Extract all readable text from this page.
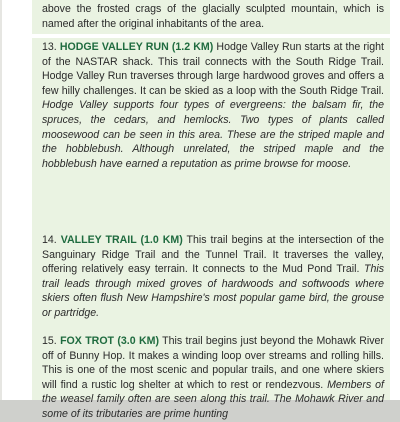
above the frosted crags of the glacially sculpted mountain, which is named after the original inhabitants of the area.

13. HODGE VALLEY RUN (1.2 KM) Hodge Valley Run starts at the right of the NASTAR shack. This trail connects with the South Ridge Trail. Hodge Valley Run traverses through large hardwood groves and offers a few hilly challenges. It can be skied as a loop with the South Ridge Trail. Hodge Valley supports four types of evergreens: the balsam fir, the spruces, the cedars, and hemlocks. Two types of plants called moosewood can be seen in this area. These are the striped maple and the hobblebush. Although unrelated, the striped maple and the hobblebush have earned a reputation as prime browse for moose.

14. VALLEY TRAIL (1.0 KM) This trail begins at the intersection of the Sanguinary Ridge Trail and the Tunnel Trail. It traverses the valley, offering relatively easy terrain. It connects to the Mud Pond Trail. This trail leads through mixed groves of hardwoods and softwoods where skiers often flush New Hampshire's most popular game bird, the grouse or partridge.

15. FOX TROT (3.0 KM) This trail begins just beyond the Mohawk River off of Bunny Hop. It makes a winding loop over streams and rolling hills. This is one of the most scenic and popular trails, and one where skiers will find a rustic log shelter at which to rest or rendezvous. Members of the weasel family often are seen along this trail. The Mohawk River and some of its tributaries are prime hunting
